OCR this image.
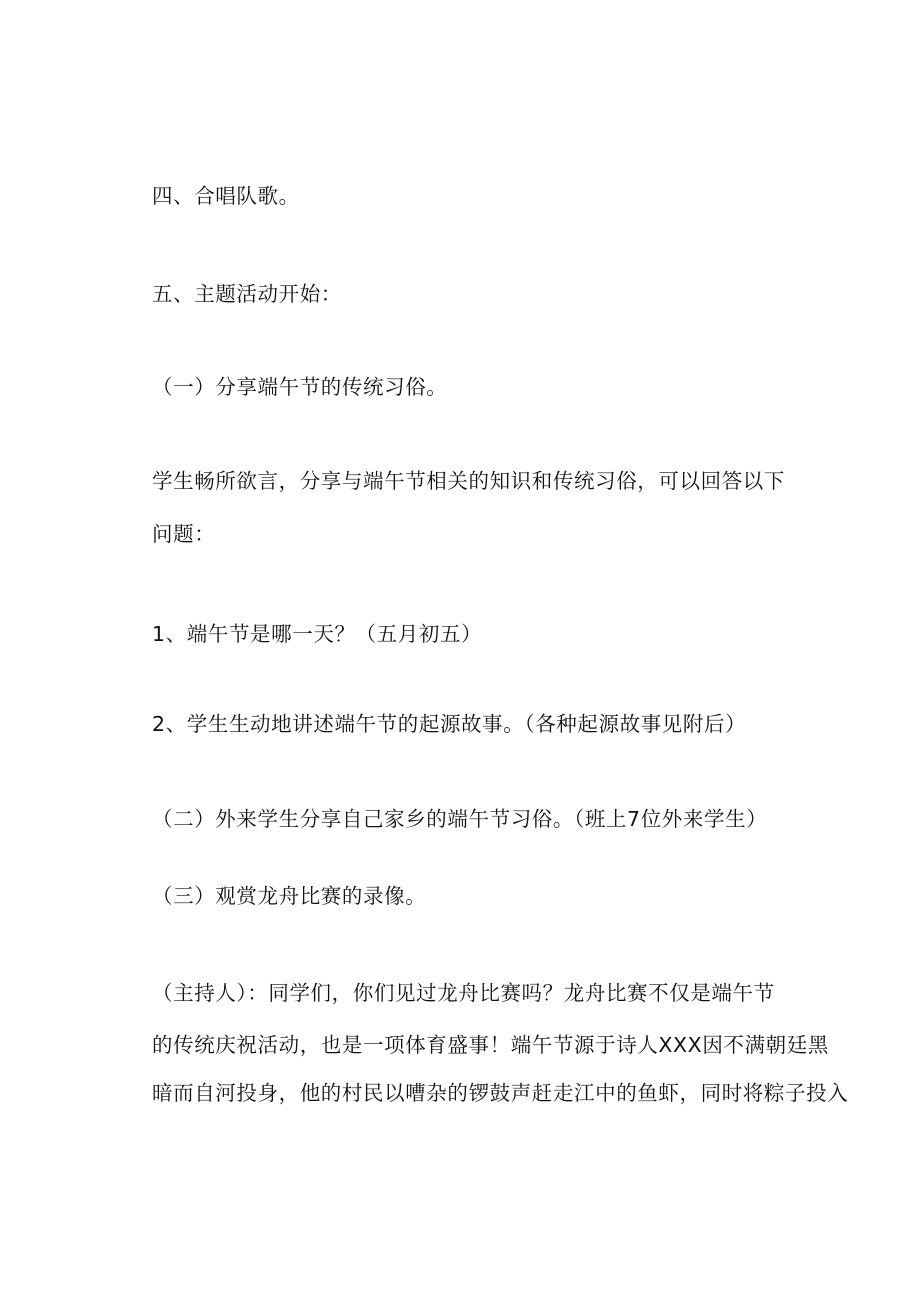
四、合唱队歌。
五、主题活动开始：
（一）分享端午节的传统习俗。
学生畅所欲言，分享与端午节相关的知识和传统习俗，可以回答以下
问题：
1、端午节是哪一天？（五月初五）
2、学生生动地讲述端午节的起源故事。（各种起源故事见附后）
（二）外来学生分享自己家乡的端午节习俗。（班上7位外来学生）
（三）观赏龙舟比赛的录像。
（主持人）：同学们，你们见过龙舟比赛吗？龙舟比赛不仅是端午节
的传统庆祝活动，也是一项体育盛事！端午节源于诗人XXX因不满朝廷黑
暗而自河投身，他的村民以嘈杂的锣鼓声赶走江中的鱼虾，同时将粽子投入
